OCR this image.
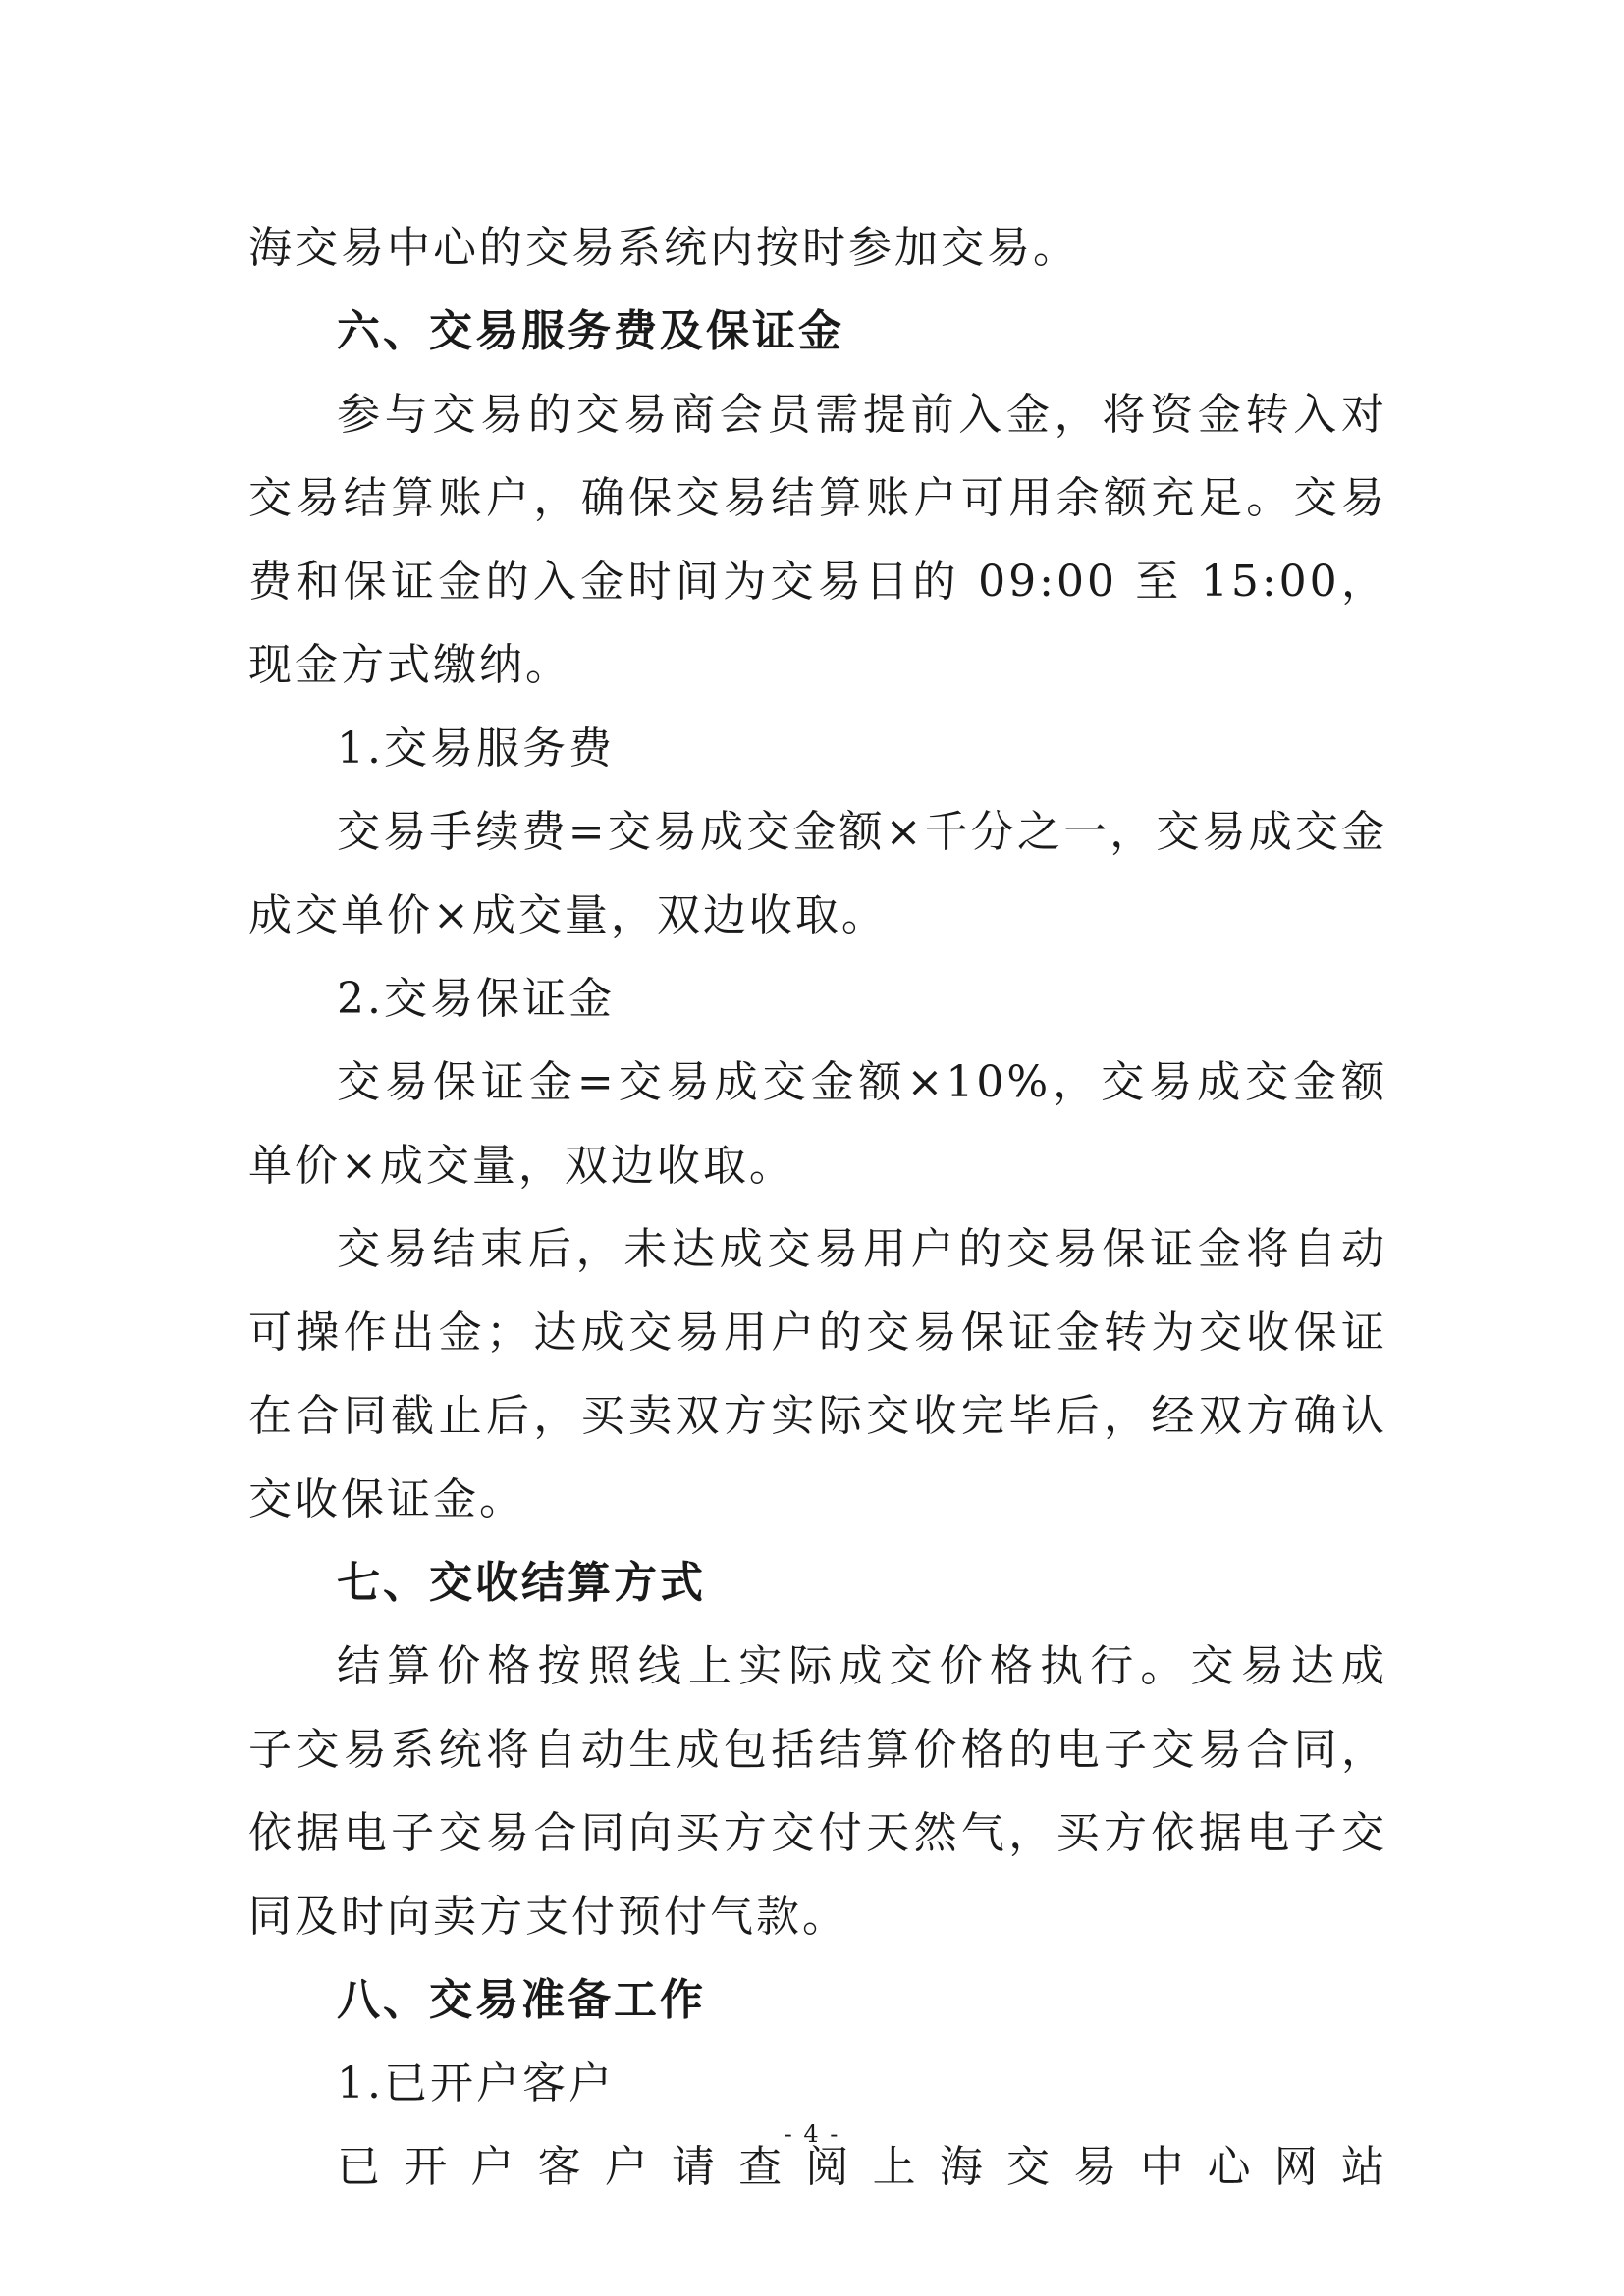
海交易中心的交易系统内按时参加交易。
六、交易服务费及保证金
参与交易的交易商会员需提前入金，将资金转入对
交易结算账户，确保交易结算账户可用余额充足。交易
费和保证金的入金时间为交易日的 09:00 至 15:00，
现金方式缴纳。
1.交易服务费
交易手续费=交易成交金额×千分之一，交易成交金
成交单价×成交量，双边收取。
2.交易保证金
交易保证金=交易成交金额×10%，交易成交金额
单价×成交量，双边收取。
交易结束后，未达成交易用户的交易保证金将自动
可操作出金；达成交易用户的交易保证金转为交收保证
在合同截止后，买卖双方实际交收完毕后，经双方确认
交收保证金。
七、交收结算方式
结算价格按照线上实际成交价格执行。交易达成
子交易系统将自动生成包括结算价格的电子交易合同，
依据电子交易合同向买方交付天然气，买方依据电子交
同及时向卖方支付预付气款。
八、交易准备工作
1.已开户客户
已开户客户请查阅上海交易中心网站
- 4 -
